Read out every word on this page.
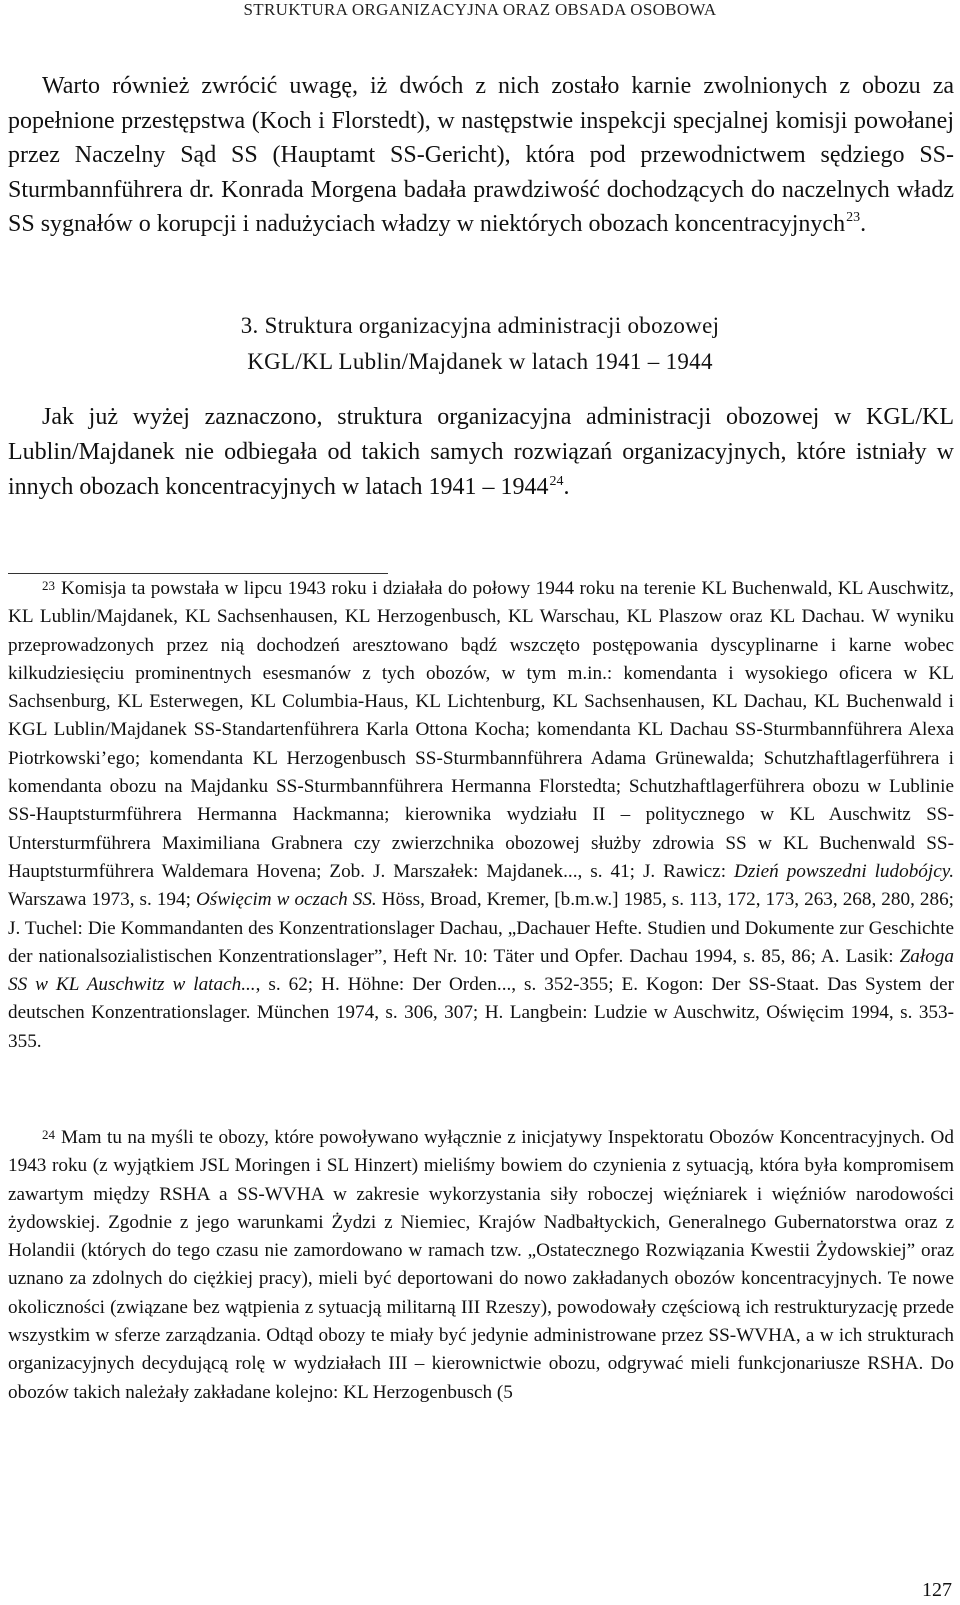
STRUKTURA ORGANIZACYJNA ORAZ OBSADA OSOBOWA
Warto również zwrócić uwagę, iż dwóch z nich zostało karnie zwolnionych z obozu za popełnione przestępstwa (Koch i Florstedt), w następstwie inspekcji specjalnej komisji powołanej przez Naczelny Sąd SS (Hauptamt SS-Gericht), która pod przewodnictwem sędziego SS-Sturmbannführera dr. Konrada Morgena badała prawdziwość dochodzących do naczelnych władz SS sygnałów o korupcji i nadużyciach władzy w niektórych obozach koncentracyjnych$^{23}$.
3. Struktura organizacyjna administracji obozowej
KGL/KL Lublin/Majdanek w latach 1941 – 1944
Jak już wyżej zaznaczono, struktura organizacyjna administracji obozowej w KGL/KL Lublin/Majdanek nie odbiegała od takich samych rozwiązań organizacyjnych, które istniały w innych obozach koncentracyjnych w latach 1941 – 1944$^{24}$.
$^{23}$ Komisja ta powstała w lipcu 1943 roku i działała do połowy 1944 roku na terenie KL Buchenwald, KL Auschwitz, KL Lublin/Majdanek, KL Sachsenhausen, KL Herzogenbusch, KL Warschau, KL Plaszow oraz KL Dachau. W wyniku przeprowadzonych przez nią dochodzeń aresztowano bądź wszczęto postępowania dyscyplinarne i karne wobec kilkudziesięciu prominentnych esesmanów z tych obozów, w tym m.in.: komendanta i wysokiego oficera w KL Sachsenburg, KL Esterwegen, KL Columbia-Haus, KL Lichtenburg, KL Sachsenhausen, KL Dachau, KL Buchenwald i KGL Lublin/Majdanek SS-Standartenführera Karla Ottona Kocha; komendanta KL Dachau SS-Sturmbannführera Alexa Piotrkowski’ego; komendanta KL Herzogenbusch SS-Sturmbannführera Adama Grünewalda; Schutzhaftlagerführera i komendanta obozu na Majdanku SS-Sturmbannführera Hermanna Florstedta; Schutzhaftlagerführera obozu w Lublinie SS-Hauptsturmführera Hermanna Hackmanna; kierownika wydziału II – politycznego w KL Auschwitz SS-Untersturmführera Maximiliana Grabnera czy zwierzchnika obozowej służby zdrowia SS w KL Buchenwald SS-Hauptsturmführera Waldemara Hovena; Zob. J. Marszałek: Majdanek..., s. 41; J. Rawicz: Dzień powszedni ludobójcy. Warszawa 1973, s. 194; Oświęcim w oczach SS. Höss, Broad, Kremer, [b.m.w.] 1985, s. 113, 172, 173, 263, 268, 280, 286; J. Tuchel: Die Kommandanten des Konzentrationslager Dachau, „Dachauer Hefte. Studien und Dokumente zur Geschichte der nationalsozialistischen Konzentrationslager”, Heft Nr. 10: Täter und Opfer. Dachau 1994, s. 85, 86; A. Lasik: Załoga SS w KL Auschwitz w latach..., s. 62; H. Höhne: Der Orden..., s. 352-355; E. Kogon: Der SS-Staat. Das System der deutschen Konzentrationslager. München 1974, s. 306, 307; H. Langbein: Ludzie w Auschwitz, Oświęcim 1994, s. 353-355.
$^{24}$ Mam tu na myśli te obozy, które powoływano wyłącznie z inicjatywy Inspektoratu Obozów Koncentracyjnych. Od 1943 roku (z wyjątkiem JSL Moringen i SL Hinzert) mieliśmy bowiem do czynienia z sytuacją, która była kompromisem zawartym między RSHA a SS-WVHA w zakresie wykorzystania siły roboczej więźniarek i więźniów narodowości żydowskiej. Zgodnie z jego warunkami Żydzi z Niemiec, Krajów Nadbałtyckich, Generalnego Gubernatorstwa oraz z Holandii (których do tego czasu nie zamordowano w ramach tzw. „Ostatecznego Rozwiązania Kwestii Żydowskiej” oraz uznano za zdolnych do ciężkiej pracy), mieli być deportowani do nowo zakładanych obozów koncentracyjnych. Te nowe okoliczności (związane bez wątpienia z sytuacją militarną III Rzeszy), powodowały częściową ich restrukturyzację przede wszystkim w sferze zarządzania. Odtąd obozy te miały być jedynie administrowane przez SS-WVHA, a w ich strukturach organizacyjnych decydującą rolę w wydziałach III – kierownictwie obozu, odgrywać mieli funkcjonariusze RSHA. Do obozów takich należały zakładane kolejno: KL Herzogenbusch (5
127
